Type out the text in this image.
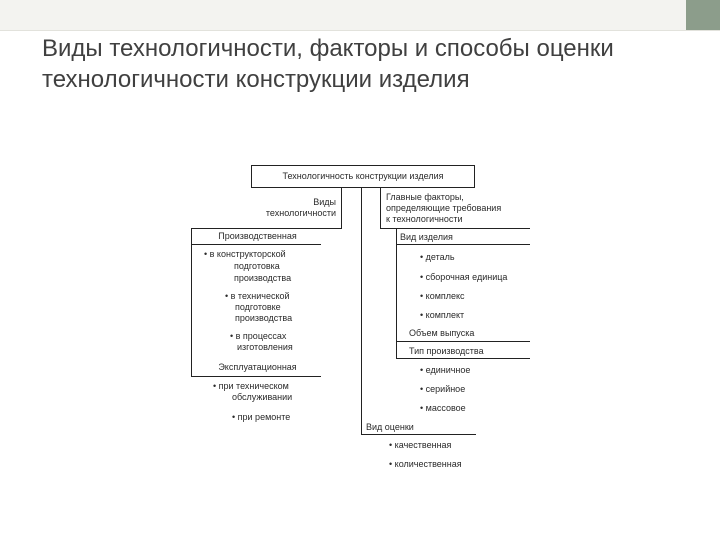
Виды технологичности, факторы и способы оценки
технологичности конструкции изделия
Технологичность конструкции изделия
Виды
технологичности
Главные факторы,
определяющие требования
к технологичности
Производственная
• в конструкторской
подготовка
производства
• в технической
подготовке
производства
• в процессах
изготовления
Эксплуатационная
• при техническом
обслуживании
• при ремонте
Вид изделия
• деталь
• сборочная единица
• комплекс
• комплект
Объем выпуска
Тип производства
• единичное
• серийное
• массовое
Вид оценки
• качественная
• количественная
